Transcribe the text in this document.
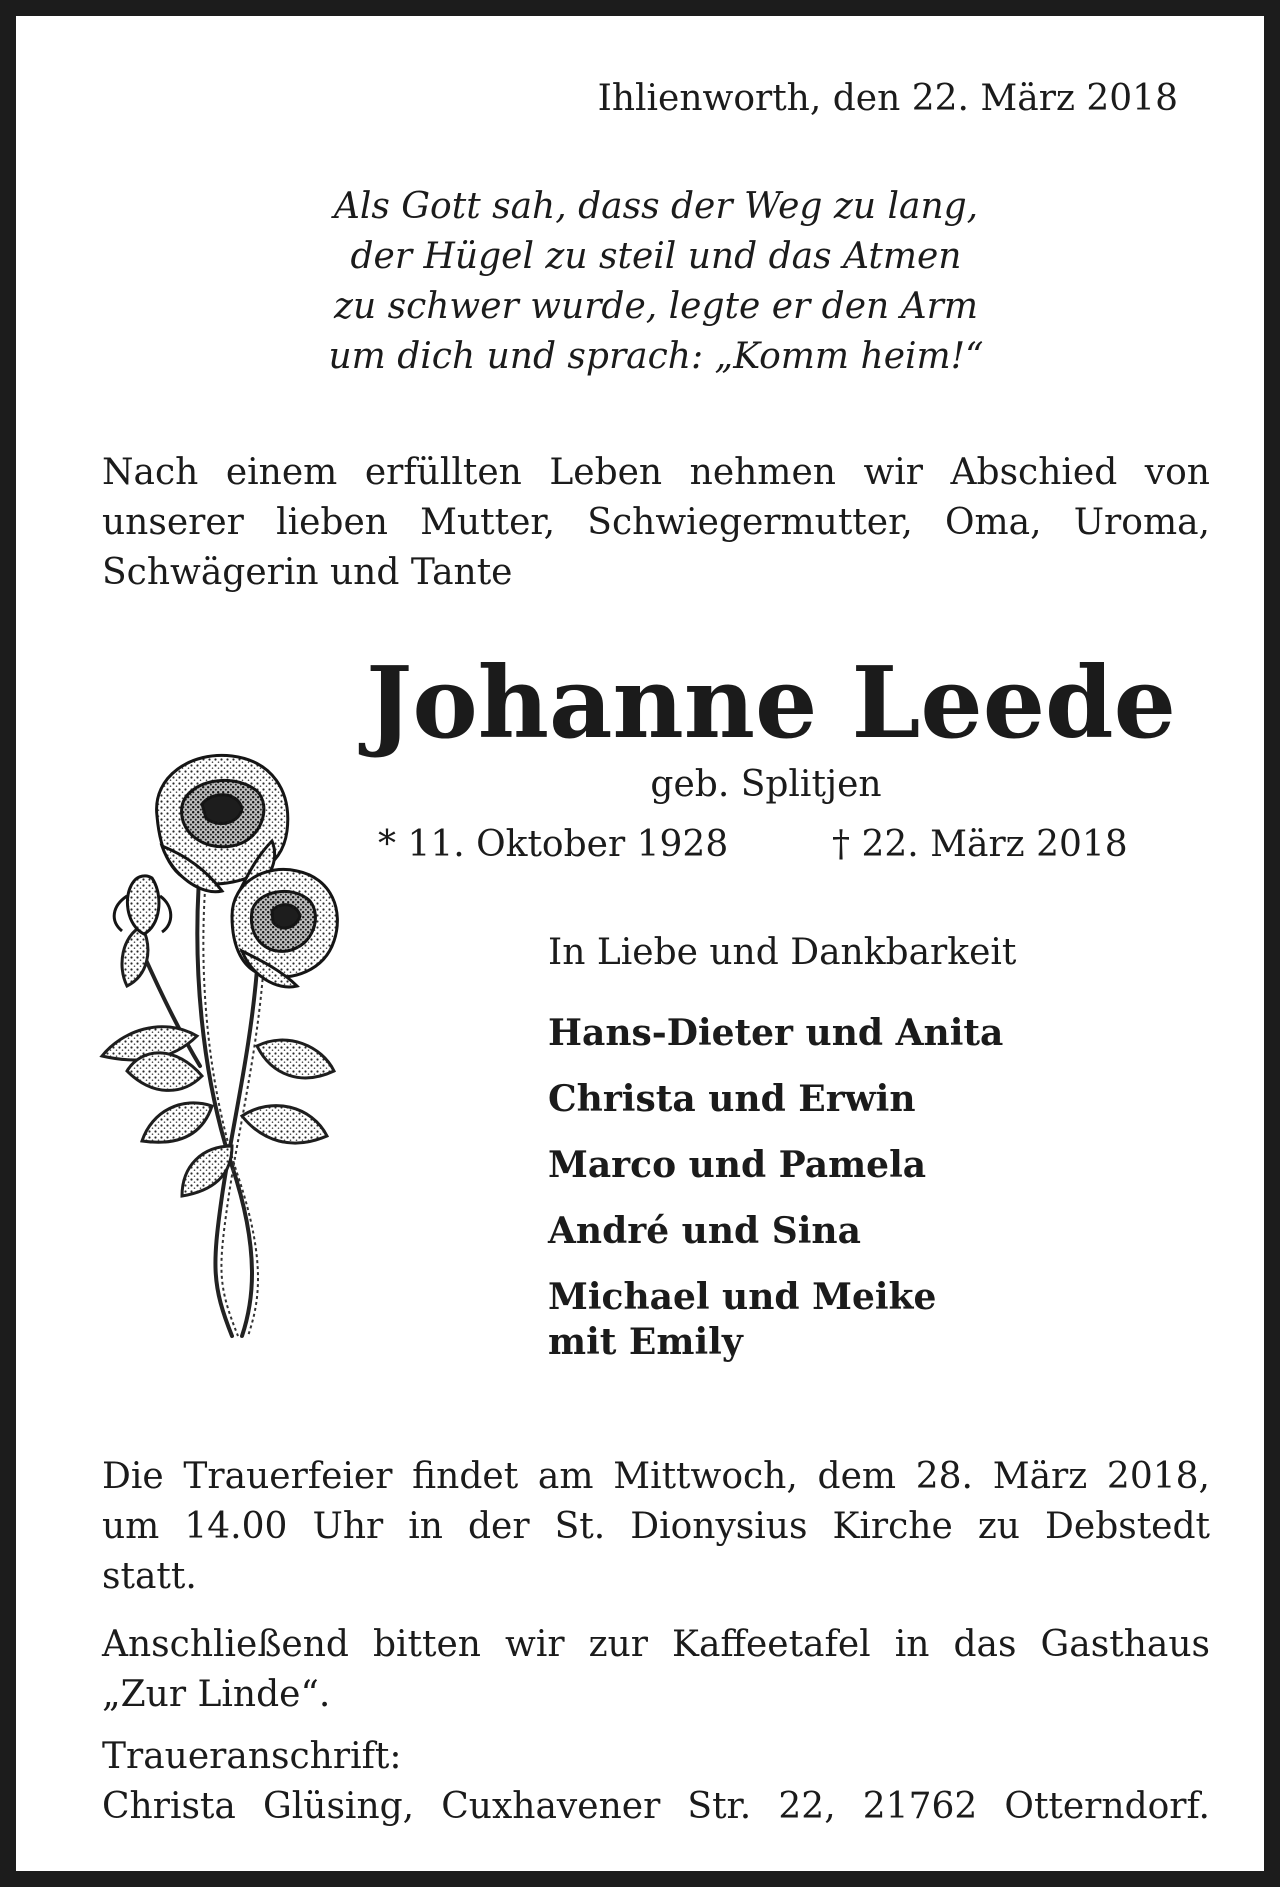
Ihlienworth, den 22. März 2018

Als Gott sah, dass der Weg zu lang,
der Hügel zu steil und das Atmen
zu schwer wurde, legte er den Arm
um dich und sprach: „Komm heim!“
Nach einem erfüllten Leben nehmen wir Abschied von
unserer lieben Mutter, Schwiegermutter, Oma, Uroma,
Schwägerin und Tante

Johanne Leede

geb. Splitjen

* 11. Oktober 1928	† 22. März 2018

In Liebe und Dankbarkeit

Hans-Dieter und Anita
Christa und Erwin
Marco und Pamela
André und Sina
Michael und Meike
mit Emily
Die Trauerfeier findet am Mittwoch, dem 28. März 2018,
um 14.00 Uhr in der St. Dionysius Kirche zu Debstedt
statt.
Anschließend bitten wir zur Kaffeetafel in das Gasthaus
„Zur Linde“.
Traueranschrift:
Christa Glüsing, Cuxhavener Str. 22, 21762 Otterndorf.
